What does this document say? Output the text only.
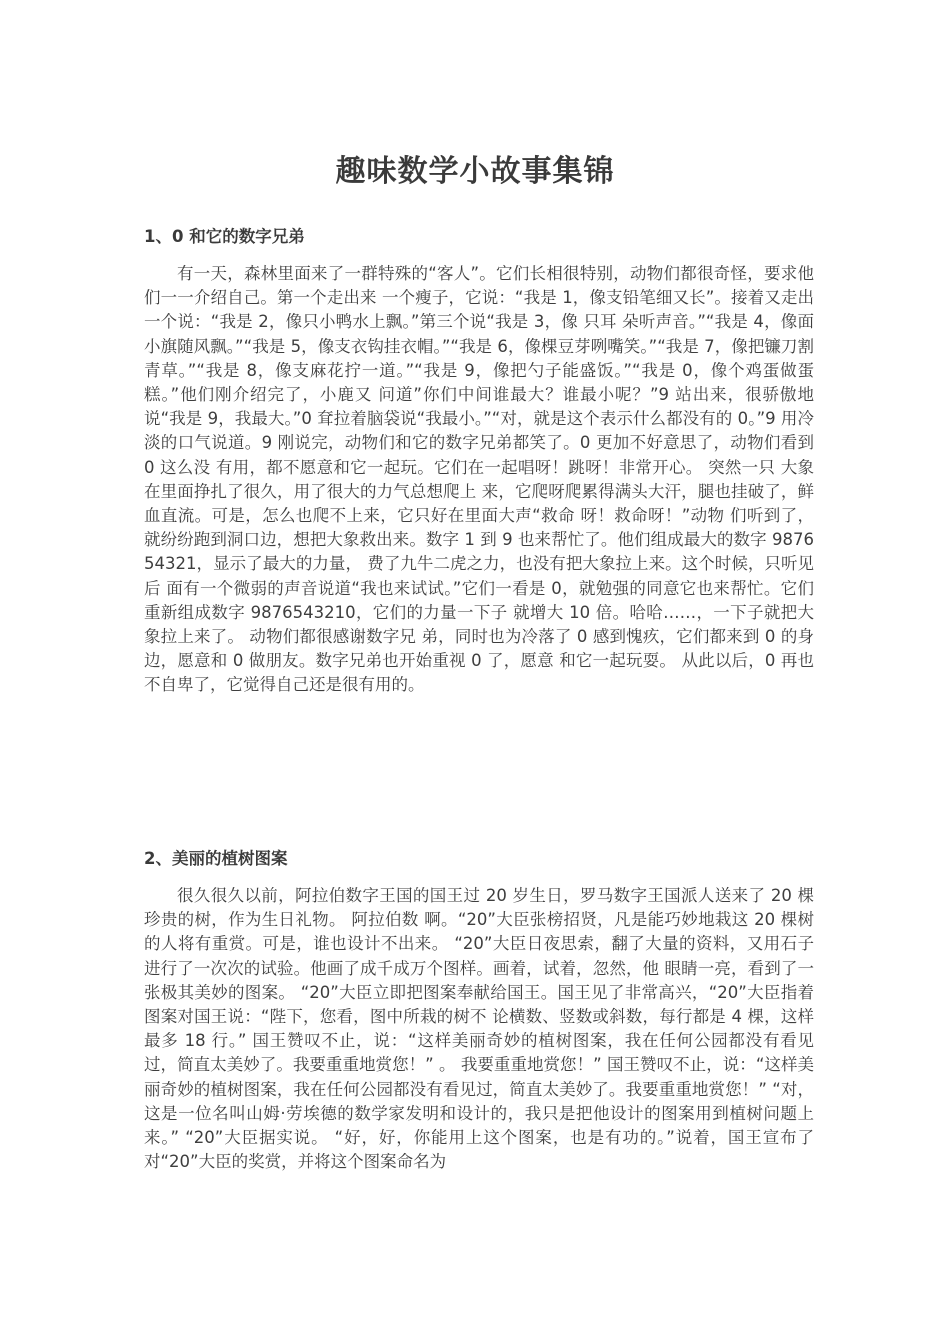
趣味数学小故事集锦
1、0 和它的数字兄弟

有一天，森林里面来了一群特殊的“客人”。它们长相很特别，动物们都很奇怪，要求他们一一介绍自己。第一个走出来 一个瘦子，它说：“我是 1，像支铅笔细又长”。接着又走出一个说：“我是 2，像只小鸭水上飘。”第三个说“我是 3，像 只耳 朵听声音。”“我是 4，像面小旗随风飘。”“我是 5，像支衣钩挂衣帽。”“我是 6，像棵豆芽咧嘴笑。”“我是 7，像把镰刀割 青草。”“我是 8，像支麻花拧一道。”“我是 9，像把勺子能盛饭。”“我是 0，像个鸡蛋做蛋糕。”他们刚介绍完了，小鹿又 问道”你们中间谁最大？谁最小呢？”9 站出来，很骄傲地说“我是 9，我最大。”0 耷拉着脑袋说“我最小。”“对，就是这个表示什么都没有的 0。”9 用冷淡的口气说道。9 刚说完，动物们和它的数字兄弟都笑了。0 更加不好意思了，动物们看到 0 这么没 有用，都不愿意和它一起玩。它们在一起唱呀！跳呀！非常开心。 突然一只 大象在里面挣扎了很久，用了很大的力气总想爬上 来，它爬呀爬累得满头大汗，腿也挂破了，鲜血直流。可是，怎么也爬不上来，它只好在里面大声“救命 呀！救命呀！”动物 们听到了，就纷纷跑到洞口边，想把大象救出来。数字 1 到 9 也来帮忙了。他们组成最大的数字 987654321，显示了最大的力量， 费了九牛二虎之力，也没有把大象拉上来。这个时候，只听见后 面有一个微弱的声音说道“我也来试试。”它们一看是 0，就勉强的同意它也来帮忙。它们重新组成数字 9876543210，它们的力量一下子 就增大 10 倍。哈哈……，一下子就把大象拉上来了。 动物们都很感谢数字兄 弟，同时也为冷落了 0 感到愧疚，它们都来到 0 的身 边，愿意和 0 做朋友。数字兄弟也开始重视 0 了，愿意 和它一起玩耍。 从此以后，0 再也不自卑了，它觉得自己还是很有用的。

2、美丽的植树图案

很久很久以前，阿拉伯数字王国的国王过 20 岁生日，罗马数字王国派人送来了 20 棵珍贵的树，作为生日礼物。 阿拉伯数 啊。“20”大臣张榜招贤，凡是能巧妙地栽这 20 棵树的人将有重赏。可是，谁也设计不出来。 “20”大臣日夜思索，翻了大量的资料，又用石子进行了一次次的试验。他画了成千成万个图样。画着，试着，忽然，他 眼睛一亮，看到了一张极其美妙的图案。 “20”大臣立即把图案奉献给国王。国王见了非常高兴，“20”大臣指着图案对国王说：“陛下，您看，图中所栽的树不 论横数、竖数或斜数，每行都是 4 棵，这样最多 18 行。” 国王赞叹不止，说：“这样美丽奇妙的植树图案，我在任何公园都没有看见过，简直太美妙了。我要重重地赏您！” 。 我要重重地赏您！” 国王赞叹不止，说：“这样美丽奇妙的植树图案，我在任何公园都没有看见过，简直太美妙了。我要重重地赏您！” “对，这是一位名叫山姆·劳埃德的数学家发明和设计的，我只是把他设计的图案用到植树问题上来。” “20”大臣据实说。 “好，好，你能用上这个图案，也是有功的。”说着，国王宣布了对“20”大臣的奖赏，并将这个图案命名为
